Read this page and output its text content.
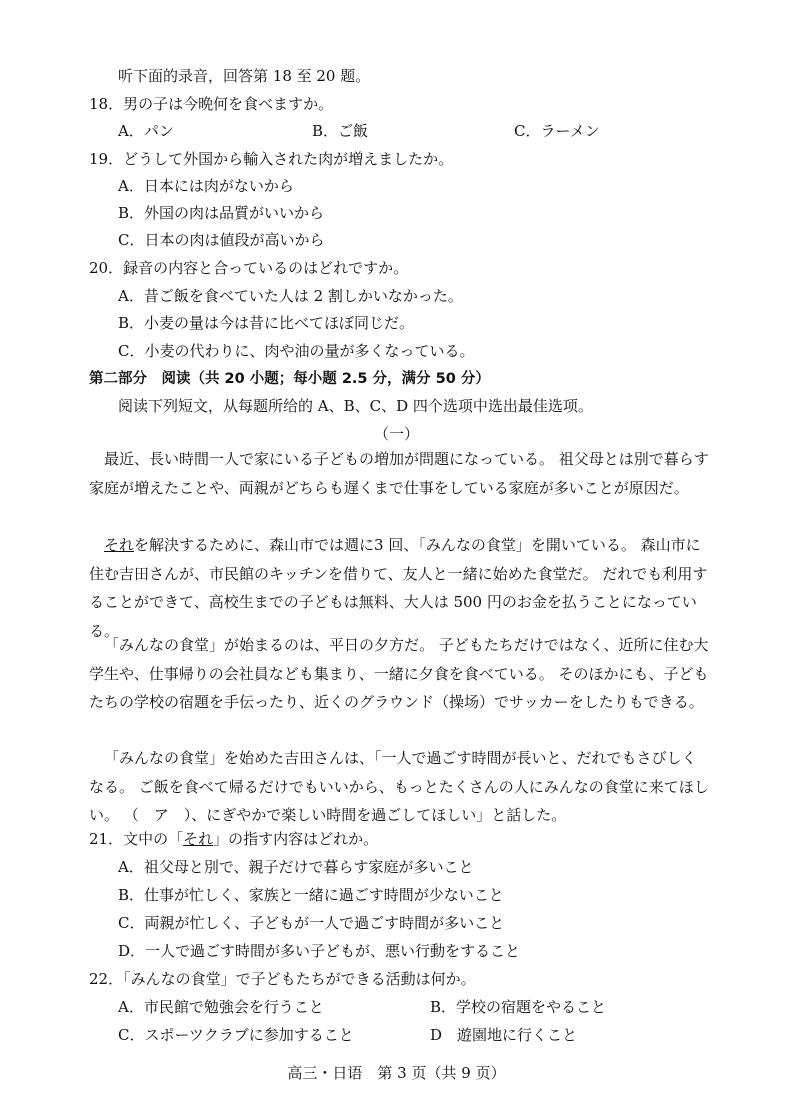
听下面的录音，回答第 18 至 20 题。
18．男の子は今晩何を食べますか。
A．パン	B．ご飯	C．ラーメン
19．どうして外国から輸入された肉が増えましたか。
A．日本には肉がないから
B．外国の肉は品質がいいから
C．日本の肉は値段が高いから
20．録音の内容と合っているのはどれですか。
A．昔ご飯を食べていた人は 2 割しかいなかった。
B．小麦の量は今は昔に比べてほぼ同じだ。
C．小麦の代わりに、肉や油の量が多くなっている。
第二部分　阅读（共 20 小题；每小题 2.5 分，满分 50 分）
阅读下列短文，从每题所给的 A、B、C、D 四个选项中选出最佳选项。
（一）
最近、長い時間一人で家にいる子どもの増加が問題になっている。 祖父母とは別で暮らす家庭が増えたことや、両親がどちらも遅くまで仕事をしている家庭が多いことが原因だ。
それを解決するために、森山市では週に3 回、「みんなの食堂」を開いている。 森山市に住む吉田さんが、市民館のキッチンを借りて、友人と一緒に始めた食堂だ。 だれでも利用することができて、高校生までの子どもは無料、大人は 500 円のお金を払うことになっている。
「みんなの食堂」が始まるのは、平日の夕方だ。 子どもたちだけではなく、近所に住む大学生や、仕事帰りの会社員なども集まり、一緒に夕食を食べている。 そのほかにも、子どもたちの学校の宿題を手伝ったり、近くのグラウンド（操场）でサッカーをしたりもできる。
「みんなの食堂」を始めた吉田さんは、「一人で過ごす時間が長いと、だれでもさびしくなる。 ご飯を食べて帰るだけでもいいから、もっとたくさんの人にみんなの食堂に来てほしい。 （　ア　）、にぎやかで楽しい時間を過ごしてほしい」と話した。
21．文中の「それ」の指す内容はどれか。
A．祖父母と別で、親子だけで暮らす家庭が多いこと
B．仕事が忙しく、家族と一緒に過ごす時間が少ないこと
C．両親が忙しく、子どもが一人で過ごす時間が多いこと
D．一人で過ごす時間が多い子どもが、悪い行動をすること
22．「みんなの食堂」で子どもたちができる活動は何か。
A．市民館で勉強会を行うこと	B．学校の宿題をやること
C．スポーツクラブに参加すること	D　遊園地に行くこと
高三・日语　第 3 页（共 9 页）
